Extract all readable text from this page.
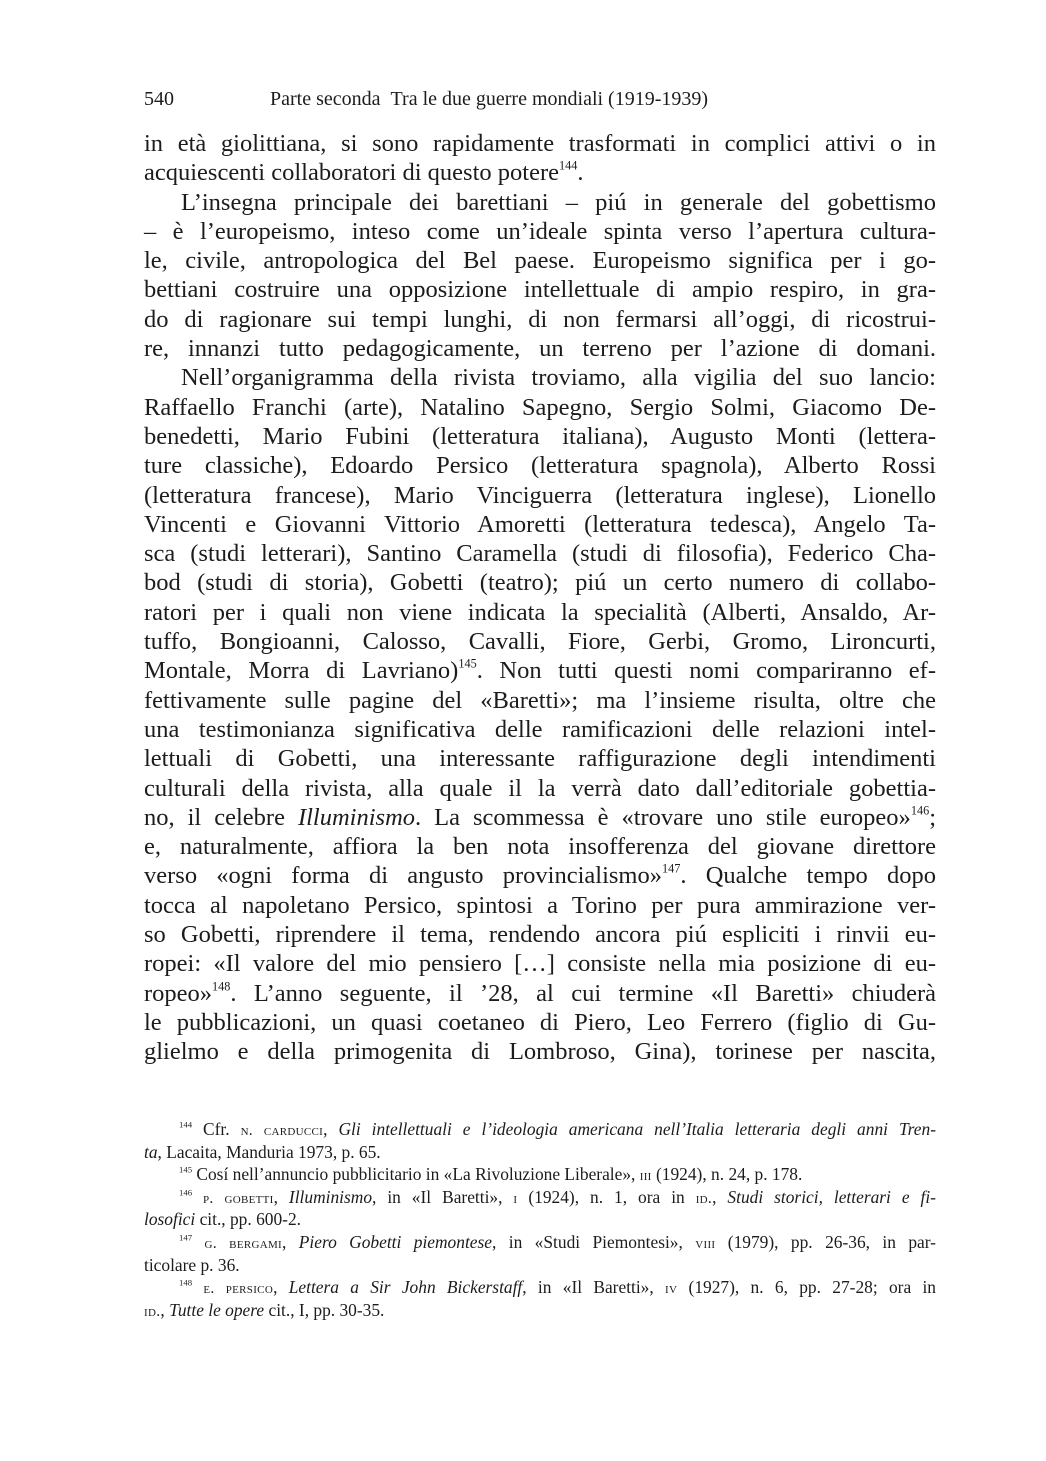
540	Parte seconda Tra le due guerre mondiali (1919-1939)
in età giolittiana, si sono rapidamente trasformati in complici attivi o in
acquiescenti collaboratori di questo potere$^{144}$.
L’insegna principale dei barettiani – piú in generale del gobettismo
– è l’europeismo, inteso come un’ideale spinta verso l’apertura cultura-
le, civile, antropologica del Bel paese. Europeismo significa per i go-
bettiani costruire una opposizione intellettuale di ampio respiro, in gra-
do di ragionare sui tempi lunghi, di non fermarsi all’oggi, di ricostrui-
re, innanzi tutto pedagogicamente, un terreno per l’azione di domani.
Nell’organigramma della rivista troviamo, alla vigilia del suo lancio:
Raffaello Franchi (arte), Natalino Sapegno, Sergio Solmi, Giacomo De-
benedetti, Mario Fubini (letteratura italiana), Augusto Monti (lettera-
ture classiche), Edoardo Persico (letteratura spagnola), Alberto Rossi
(letteratura francese), Mario Vinciguerra (letteratura inglese), Lionello
Vincenti e Giovanni Vittorio Amoretti (letteratura tedesca), Angelo Ta-
sca (studi letterari), Santino Caramella (studi di filosofia), Federico Cha-
bod (studi di storia), Gobetti (teatro); piú un certo numero di collabo-
ratori per i quali non viene indicata la specialità (Alberti, Ansaldo, Ar-
tuffo, Bongioanni, Calosso, Cavalli, Fiore, Gerbi, Gromo, Lironcurti,
Montale, Morra di Lavriano)$^{145}$. Non tutti questi nomi compariranno ef-
fettivamente sulle pagine del «Baretti»; ma l’insieme risulta, oltre che
una testimonianza significativa delle ramificazioni delle relazioni intel-
lettuali di Gobetti, una interessante raffigurazione degli intendimenti
culturali della rivista, alla quale il la verrà dato dall’editoriale gobettia-
no, il celebre Illuminismo. La scommessa è «trovare uno stile europeo»$^{146}$;
e, naturalmente, affiora la ben nota insofferenza del giovane direttore
verso «ogni forma di angusto provincialismo»$^{147}$. Qualche tempo dopo
tocca al napoletano Persico, spintosi a Torino per pura ammirazione ver-
so Gobetti, riprendere il tema, rendendo ancora piú espliciti i rinvii eu-
ropei: «Il valore del mio pensiero […] consiste nella mia posizione di eu-
ropeo»$^{148}$. L’anno seguente, il ’28, al cui termine «Il Baretti» chiuderà
le pubblicazioni, un quasi coetaneo di Piero, Leo Ferrero (figlio di Gu-
glielmo e della primogenita di Lombroso, Gina), torinese per nascita,
$^{144}$ Cfr. n. carducci, Gli intellettuali e l’ideologia americana nell’Italia letteraria degli anni Tren-
ta, Lacaita, Manduria 1973, p. 65.
$^{145}$ Cosí nell’annuncio pubblicitario in «La Rivoluzione Liberale», iii (1924), n. 24, p. 178.
$^{146}$ p. gobetti, Illuminismo, in «Il Baretti», i (1924), n. 1, ora in id., Studi storici, letterari e fi-
losofici cit., pp. 600-2.
$^{147}$ g. bergami, Piero Gobetti piemontese, in «Studi Piemontesi», viii (1979), pp. 26-36, in par-
ticolare p. 36.
$^{148}$ e. persico, Lettera a Sir John Bickerstaff, in «Il Baretti», iv (1927), n. 6, pp. 27-28; ora in
id., Tutte le opere cit., I, pp. 30-35.
